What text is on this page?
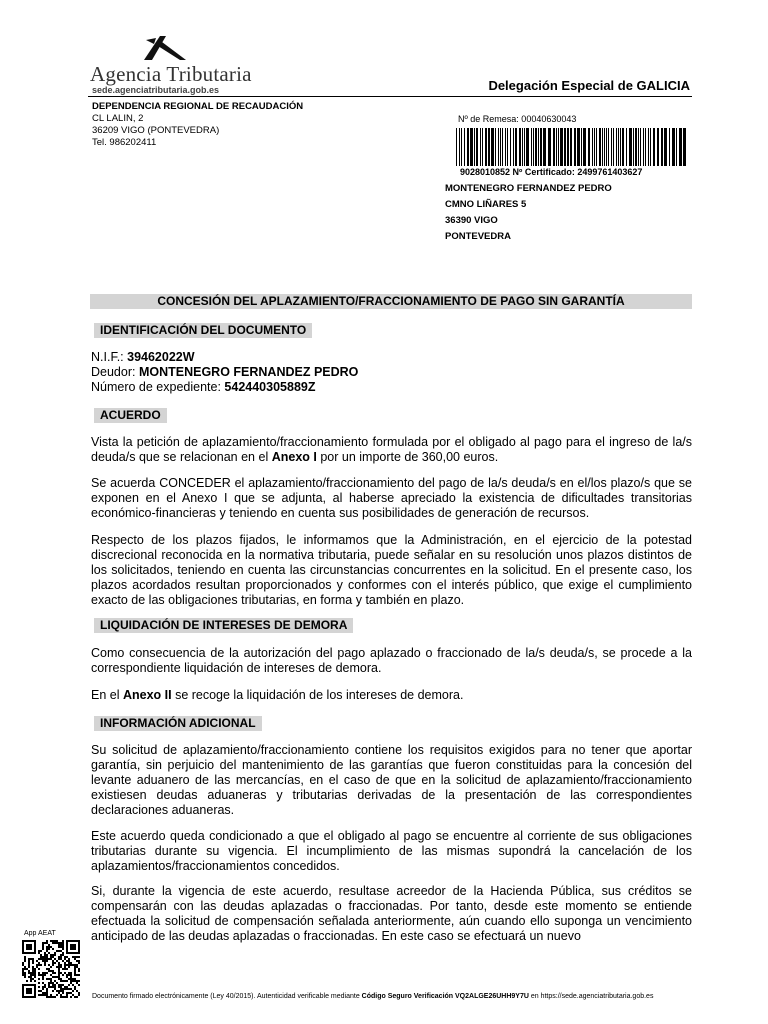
Agencia Tributaria
sede.agenciatributaria.gob.es	Delegación Especial de GALICIA
DEPENDENCIA REGIONAL DE RECAUDACIÓN
CL LALIN, 2
36209 VIGO (PONTEVEDRA)
Tel. 986202411
Nº de Remesa: 00040630043
9028010852 Nº Certificado: 2499761403627
MONTENEGRO FERNANDEZ PEDRO
CMNO LIÑARES 5
36390 VIGO
PONTEVEDRA
CONCESIÓN DEL APLAZAMIENTO/FRACCIONAMIENTO DE PAGO SIN GARANTÍA
IDENTIFICACIÓN DEL DOCUMENTO
N.I.F.: 39462022W
Deudor: MONTENEGRO FERNANDEZ PEDRO
Número de expediente: 542440305889Z
ACUERDO
Vista la petición de aplazamiento/fraccionamiento formulada por el obligado al pago para el ingreso de la/s deuda/s que se relacionan en el Anexo I por un importe de 360,00 euros.
Se acuerda CONCEDER el aplazamiento/fraccionamiento del pago de la/s deuda/s en el/los plazo/s que se exponen en el Anexo I que se adjunta, al haberse apreciado la existencia de dificultades transitorias económico-financieras y teniendo en cuenta sus posibilidades de generación de recursos.
Respecto de los plazos fijados, le informamos que la Administración, en el ejercicio de la potestad discrecional reconocida en la normativa tributaria, puede señalar en su resolución unos plazos distintos de los solicitados, teniendo en cuenta las circunstancias concurrentes en la solicitud. En el presente caso, los plazos acordados resultan proporcionados y conformes con el interés público, que exige el cumplimiento exacto de las obligaciones tributarias, en forma y también en plazo.
LIQUIDACIÓN DE INTERESES DE DEMORA
Como consecuencia de la autorización del pago aplazado o fraccionado de la/s deuda/s, se procede a la correspondiente liquidación de intereses de demora.
En el Anexo II se recoge la liquidación de los intereses de demora.
INFORMACIÓN ADICIONAL
Su solicitud de aplazamiento/fraccionamiento contiene los requisitos exigidos para no tener que aportar garantía, sin perjuicio del mantenimiento de las garantías que fueron constituidas para la concesión del levante aduanero de las mercancías, en el caso de que en la solicitud de aplazamiento/fraccionamiento existiesen deudas aduaneras y tributarias derivadas de la presentación de las correspondientes declaraciones aduaneras.
Este acuerdo queda condicionado a que el obligado al pago se encuentre al corriente de sus obligaciones tributarias durante su vigencia. El incumplimiento de las mismas supondrá la cancelación de los aplazamientos/fraccionamientos concedidos.
Si, durante la vigencia de este acuerdo, resultase acreedor de la Hacienda Pública, sus créditos se compensarán con las deudas aplazadas o fraccionadas. Por tanto, desde este momento se entiende efectuada la solicitud de compensación señalada anteriormente, aún cuando ello suponga un vencimiento anticipado de las deudas aplazadas o fraccionadas. En este caso se efectuará un nuevo
App AEAT
Documento firmado electrónicamente (Ley 40/2015). Autenticidad verificable mediante Código Seguro Verificación VQ2ALGE26UHH9Y7U en https://sede.agenciatributaria.gob.es
